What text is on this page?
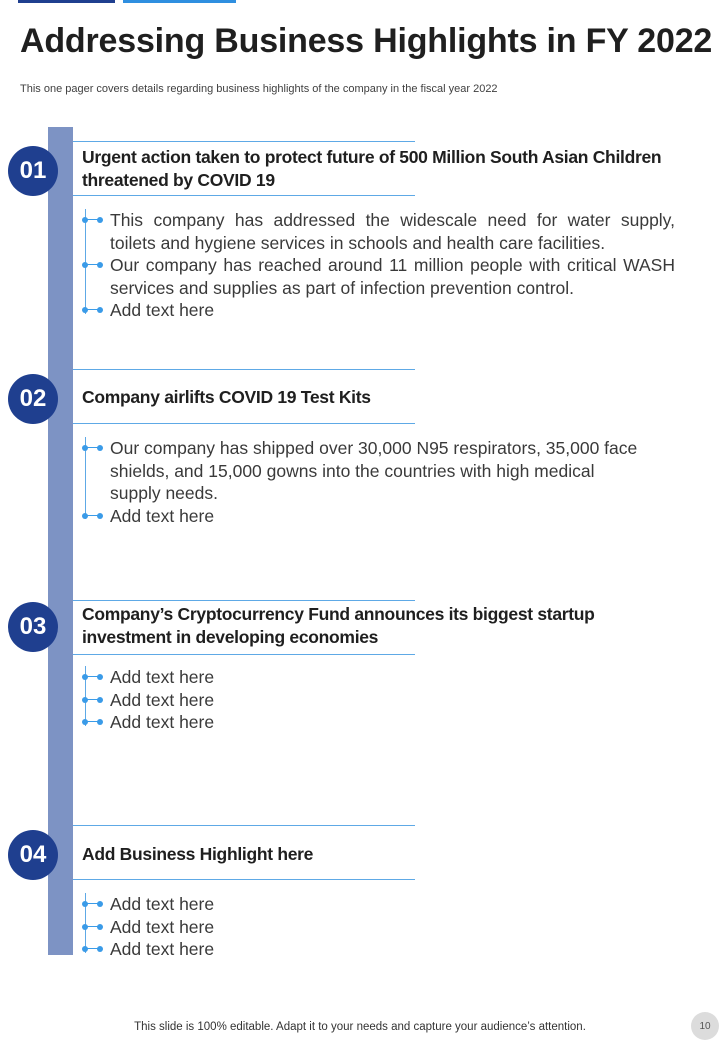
Addressing Business Highlights in FY 2022

This one pager covers details regarding business highlights of the company in the fiscal year 2022

01	Urgent action taken to protect future of 500 Million South Asian Children threatened by COVID 19

This company has addressed the widescale need for water supply, toilets and hygiene services in schools and health care facilities.
Our company has reached around 11 million people with critical WASH services and supplies as part of infection prevention control.
Add text here
02	Company airlifts COVID 19 Test Kits

Our company has shipped over 30,000 N95 respirators, 35,000 face shields, and 15,000 gowns into the countries with high medical supply needs.
Add text here
03	Company’s Cryptocurrency Fund announces its biggest startup investment in developing economies

Add text here
Add text here
Add text here
04	Add Business Highlight here

Add text here
Add text here
Add text here
This slide is 100% editable. Adapt it to your needs and capture your audience’s attention.	10
